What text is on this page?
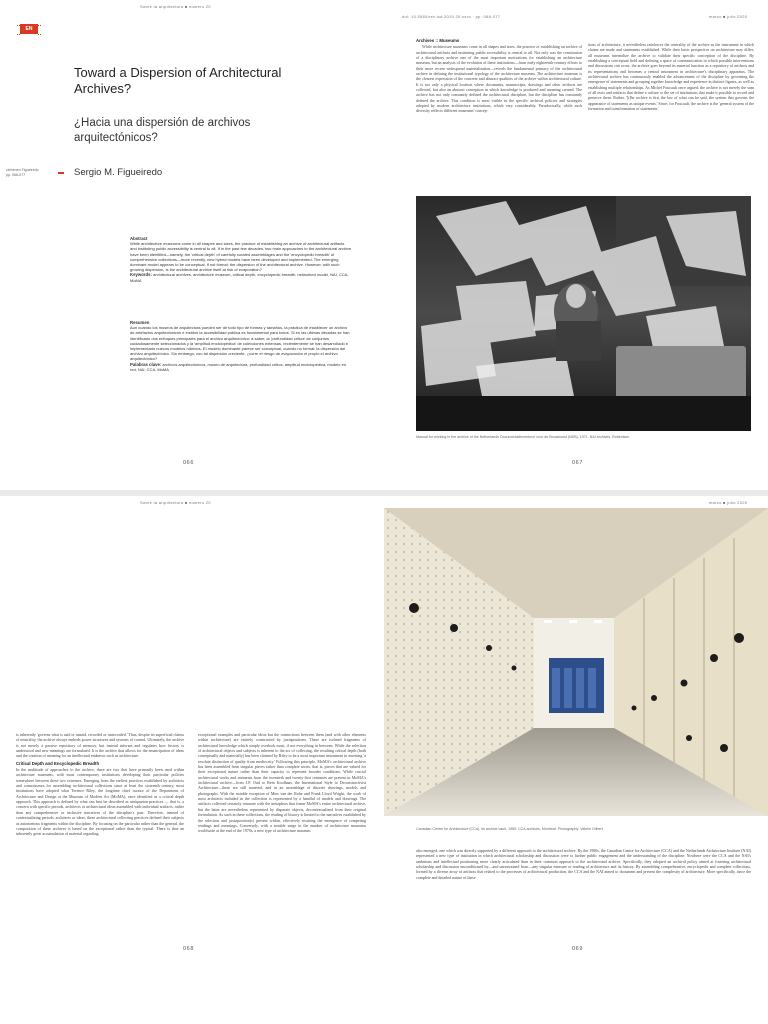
EN
Sobre la arquitectura ■ número 20
Toward a Dispersion of Architectural Archives?
¿Hacia una dispersión de archivos arquitectónicos?
ziehenen Figueiredo
pp. 066-077	Sergio M. Figueiredo
Abstract

While architecture museums come in all shapes and sizes, the practice of establishing an archive of architectural artifacts and instituting public accessibility is central to all. If in the past few decades, two main approaches to the architectural archive have been identified—namely, the 'critical depth' of carefully curated assemblages and the 'encyclopedic breadth' of comprehensive collections—more recently, new hybrid models have been developed and implemented. The emerging dominant model appears to be conceptual, if not formal: the dispersion of the architectural archive. However, with such growing dispersion, is the architectural archive itself at risk of evaporation?

Keywords: architectural archives, architecture museum, critical depth, encyclopedic breadth, networked model, NAI, CCA, MoMA

Resumen

Aun cuando los museos de arquitectura pueden ser de todo tipo de formas y tamaños, la práctica de establecer un archivo de artefactos arquitectónicos e instituir la accesibilidad pública es fundamental para todos. Si en las últimas décadas se han identificado dos enfoques principales para el archivo arquitectónico: a saber, la 'profundidad crítica' de conjuntos cuidadosamente seleccionados y la 'amplitud enciclopédica' de colecciones extensas, recientemente se han desarrollado e implementado nuevos modelos híbridos. El modelo dominante parece ser conceptual, cuando no formal: la dispersión del archivo arquitectónico. Sin embargo, con tal dispersión creciente, ¿corre el riesgo de evaporación el propio el archivo arquitectónico?

Palabras clave: archivos arquitectónicos, museo de arquitectura, profundidad crítica, amplitud enciclopédica, modelo en red, NAi, CCA, MoMA

066
doi: 10.5565/rev.lsd.2020.20.xxxx · pp. 066-077	marzo ■ julio 2020
Archives :: Museums

While architecture museums come in all shapes and sizes, the practice of establishing an archive of architectural artifacts and instituting public accessibility is central to all. Not only was the constitution of a disciplinary archive one of the most important motivations for establishing an architecture museum, but an analysis of the evolution of these institutions—from early eighteenth-century efforts to their more recent widespread materialization—reveals the fundamental primacy of the architectural archive in defining the institutional typology of the architecture museum. The architecture museum is the clearest expression of the concrete and abstract qualities of the archive within architectural culture. It is not only a physical location where documents, manuscripts, drawings and other artifacts are collected, but also an abstract conception in which knowledge is produced and meaning created. The archive has not only constantly defined the architectural discipline, but the discipline has constantly defined the archive. This condition is most visible in the specific archival policies and strategies adopted by modern architecture institutions, which vary considerably. Paradoxically, while such diversity reflects different museums' concep-

tions of architecture, it nevertheless reinforces the centrality of the archive as the instrument in which claims are made and statements established. While their basic perspective on architecture may differ, all museums internalize the archive to validate their specific conception of the discipline. By establishing a conceptual field and defining a space of communication in which possible interventions and discussions can occur, the archive goes beyond its material function as a repository of artifacts and its representations and becomes a central instrument in architecture's disciplinary apparatus. The architectural archive has continuously enabled the advancement of the discipline by governing the emergence of statements and grouping together knowledge and experience in distinct figures, as well as establishing multiple relationships. As Michel Foucault once argued, the archive is not merely the sum of all texts and artifacts that define a culture or the set of institutions that make it possible to record and preserve them. Rather, '[t]he archive is first the law of what can be said, the system that governs the appearance of statements as unique events.' Since, for Foucault, the archive is the 'general system of the formation and transformation of statements,'

Manual for working in the archive of the Netherlands Documentatiecentrum voor de Bouwkunst (NDB), 1971. NAI archives, Rotterdam.
067
Sobre la arquitectura ■ número 20

is inherently 'governs what is said or unsaid, recorded or unrecorded.' Thus, despite its superficial claims of neutrality, the archive always embeds power structures and systems of control. Ultimately, the archive is not merely a passive repository of memory, but instead informs and regulates how history is understood and new meanings are formulated. It is the archive that allows for the emancipation of ideas and the creation of meaning for an intellectual endeavor such as architecture.

Critical Depth and Encyclopedic Breadth

In the multitude of approaches to the archive, there are two that have primarily been used within architecture museums, with most contemporary institutions developing their particular policies somewhere between these two extremes. Emerging from the earliest practices established by architects and connoisseurs for assembling architectural collections since at least the sixteenth century, most institutions have adopted what Terence Riley, the longtime chief curator of the Department of Architecture and Design at the Museum of Modern Art (MoMA), once identified as a critical depth approach. This approach is defined by what can best be described as antiquarian practices — that is, a concern with specific periods, architects or architectural ideas assembled with individual artifacts, rather than any comprehensive or inclusive narratives of the discipline's past. Therefore, instead of contextualizing periods, architects or ideas, these architectural collecting practices defined their subjects as autonomous fragments within the discipline. By focusing on the particular rather than the general, the composition of these archives is based on the exceptional rather than the typical. There is thus an inherently great accumulation of material regarding

exceptional examples and particular ideas but the connections between them (and with other elements within architecture) are entirely constructed by juxtapositions. These are isolated fragments of architectural knowledge which simply overlook most, if not everything in between. While the selection of architectural objects and subjects is inherent to the act of collecting, the resulting critical depth (both conceptually and materially) has been claimed by Riley to be a most important instrument in asserting 'a resolute distinction of quality from mediocrity.' Following this principle, MoMA's architectural archive has been assembled from singular pieces rather than complete series, that is, pieces that are valued for their exceptional nature rather than their capacity to represent broader conditions. While crucial architectural works and moments from the twentieth and twenty-first centuries are present in MoMA's architectural archive—from J.P. Oud to Rem Koolhaas, the International Style to Deconstructivist Architecture—these are still material, and in an assemblage of discrete drawings, models and photographs. With the notable exception of Mies van der Rohe and Frank Lloyd Wright, the work of most architects included in the collection is represented by a handful of models and drawings. The artifacts collected certainly resonate with the metaphors that frame MoMA's entire architectural archive, but the latter are nevertheless represented by disparate objects, decontextualized from their original formulation. As such in these collections, the reading of history is limited to the narratives established by the selection and juxtaposition(s) present within, effectively resisting the emergence of competing readings and meanings. Conversely, with a notable surge in the number of architecture museums worldwide at the end of the 1970s, a new type of architecture museum

068
marzo ■ julio 2020
Canadian Centre for Architecture (CCA), its archive vault, 1989. CCA archives, Montreal. Photography: Valerie Gilbert

also emerged, one which was directly supported by a different approach to the architectural archive. By the 1980s, the Canadian Centre for Architecture (CCA) and the Netherlands Architecture Institute (NAI) represented a new type of institution in which architectural scholarship and discussion were to further public engagement and the understanding of the discipline. Nowhere were the CCA and the NAI's ambitions and intellectual positioning more clearly articulated than in their common approach to the architectural archive. Specifically, they adopted an archival policy aimed at fostering architectural scholarship and discussion unconditioned by—and unrestrained from—any singular measure or reading of architecture and its history. By assembling comprehensive, encyclopedic and complete collections, formed by a diverse array of artifacts that related to the processes of architectural production, the CCA and the NAI aimed to document and present the complexity of architecture. More specifically, since the complete and detailed nature of these

069
